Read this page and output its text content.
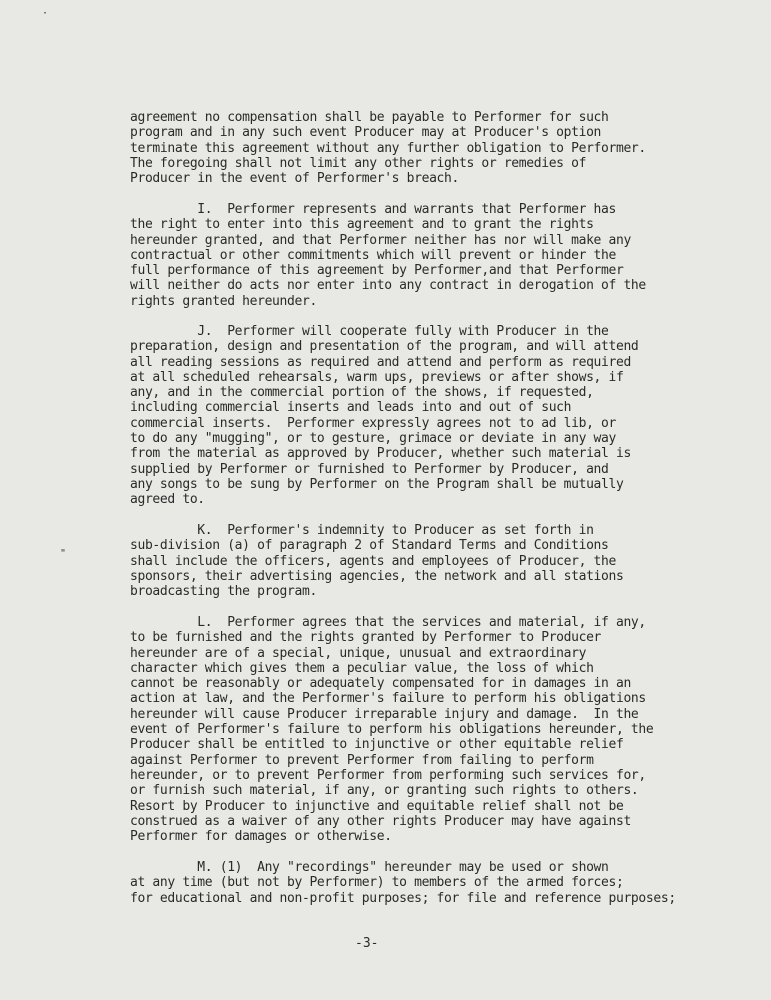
·
"
agreement no compensation shall be payable to Performer for such
program and in any such event Producer may at Producer's option
terminate this agreement without any further obligation to Performer.
The foregoing shall not limit any other rights or remedies of
Producer in the event of Performer's breach.
I.  Performer represents and warrants that Performer has
the right to enter into this agreement and to grant the rights
hereunder granted, and that Performer neither has nor will make any
contractual or other commitments which will prevent or hinder the
full performance of this agreement by Performer,and that Performer
will neither do acts nor enter into any contract in derogation of the
rights granted hereunder.
J.  Performer will cooperate fully with Producer in the
preparation, design and presentation of the program, and will attend
all reading sessions as required and attend and perform as required
at all scheduled rehearsals, warm ups, previews or after shows, if
any, and in the commercial portion of the shows, if requested,
including commercial inserts and leads into and out of such
commercial inserts.  Performer expressly agrees not to ad lib, or
to do any "mugging", or to gesture, grimace or deviate in any way
from the material as approved by Producer, whether such material is
supplied by Performer or furnished to Performer by Producer, and
any songs to be sung by Performer on the Program shall be mutually
agreed to.
K.  Performer's indemnity to Producer as set forth in
sub-division (a) of paragraph 2 of Standard Terms and Conditions
shall include the officers, agents and employees of Producer, the
sponsors, their advertising agencies, the network and all stations
broadcasting the program.
L.  Performer agrees that the services and material, if any,
to be furnished and the rights granted by Performer to Producer
hereunder are of a special, unique, unusual and extraordinary
character which gives them a peculiar value, the loss of which
cannot be reasonably or adequately compensated for in damages in an
action at law, and the Performer's failure to perform his obligations
hereunder will cause Producer irreparable injury and damage.  In the
event of Performer's failure to perform his obligations hereunder, the
Producer shall be entitled to injunctive or other equitable relief
against Performer to prevent Performer from failing to perform
hereunder, or to prevent Performer from performing such services for,
or furnish such material, if any, or granting such rights to others.
Resort by Producer to injunctive and equitable relief shall not be
construed as a waiver of any other rights Producer may have against
Performer for damages or otherwise.
M. (1)  Any "recordings" hereunder may be used or shown
at any time (but not by Performer) to members of the armed forces;
for educational and non-profit purposes; for file and reference purposes;
-3-
